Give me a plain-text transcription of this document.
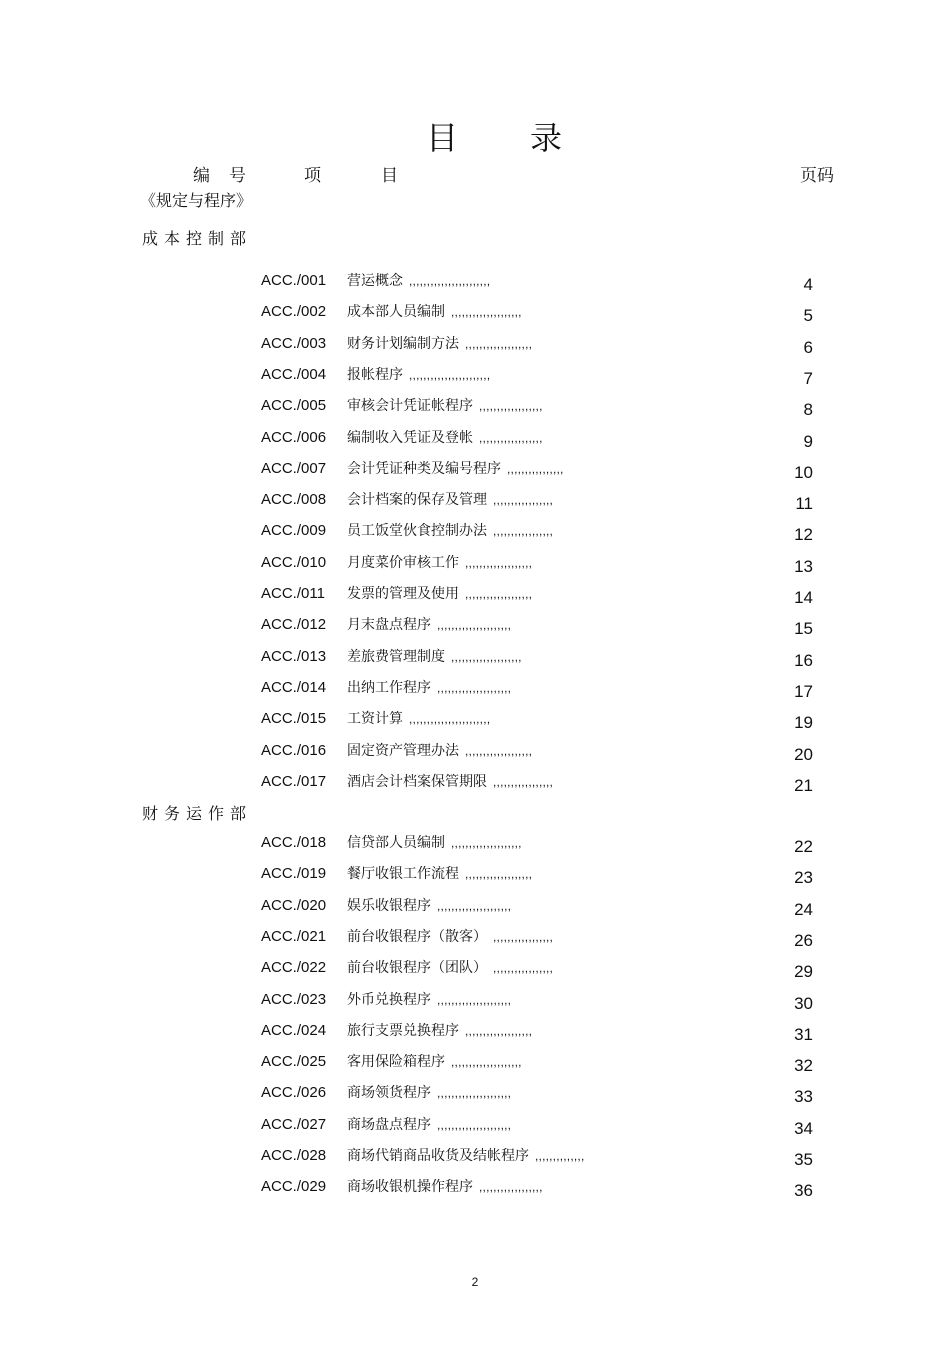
目 录
编 号	项	目	页码
《规定与程序》
成本控制部
ACC./001 营运概念 ,,,,,,,,,,,,,,,,,,,,,,,	4
ACC./002 成本部人员编制 ,,,,,,,,,,,,,,,,,,,,	5
ACC./003 财务计划编制方法 ,,,,,,,,,,,,,,,,,,,	6
ACC./004 报帐程序 ,,,,,,,,,,,,,,,,,,,,,,,	7
ACC./005 审核会计凭证帐程序 ,,,,,,,,,,,,,,,,,,	8
ACC./006 编制收入凭证及登帐 ,,,,,,,,,,,,,,,,,,	9
ACC./007 会计凭证种类及编号程序 ,,,,,,,,,,,,,,,,	10
ACC./008 会计档案的保存及管理 ,,,,,,,,,,,,,,,,,	11
ACC./009 员工饭堂伙食控制办法 ,,,,,,,,,,,,,,,,,	12
ACC./010 月度菜价审核工作 ,,,,,,,,,,,,,,,,,,,	13
ACC./011 发票的管理及使用 ,,,,,,,,,,,,,,,,,,,	14
ACC./012 月末盘点程序 ,,,,,,,,,,,,,,,,,,,,,	15
ACC./013 差旅费管理制度 ,,,,,,,,,,,,,,,,,,,,	16
ACC./014 出纳工作程序 ,,,,,,,,,,,,,,,,,,,,,	17
ACC./015 工资计算 ,,,,,,,,,,,,,,,,,,,,,,,	19
ACC./016 固定资产管理办法 ,,,,,,,,,,,,,,,,,,,	20
ACC./017 酒店会计档案保管期限 ,,,,,,,,,,,,,,,,,	21
财务运作部
ACC./018 信贷部人员编制 ,,,,,,,,,,,,,,,,,,,,	22
ACC./019 餐厅收银工作流程 ,,,,,,,,,,,,,,,,,,,	23
ACC./020 娱乐收银程序 ,,,,,,,,,,,,,,,,,,,,,	24
ACC./021 前台收银程序（散客） ,,,,,,,,,,,,,,,,,	26
ACC./022 前台收银程序（团队） ,,,,,,,,,,,,,,,,,	29
ACC./023 外币兑换程序 ,,,,,,,,,,,,,,,,,,,,,	30
ACC./024 旅行支票兑换程序 ,,,,,,,,,,,,,,,,,,,	31
ACC./025 客用保险箱程序 ,,,,,,,,,,,,,,,,,,,,	32
ACC./026 商场领货程序 ,,,,,,,,,,,,,,,,,,,,,	33
ACC./027 商场盘点程序 ,,,,,,,,,,,,,,,,,,,,,	34
ACC./028 商场代销商品收货及结帐程序 ,,,,,,,,,,,,,,	35
ACC./029 商场收银机操作程序 ,,,,,,,,,,,,,,,,,,	36
2
